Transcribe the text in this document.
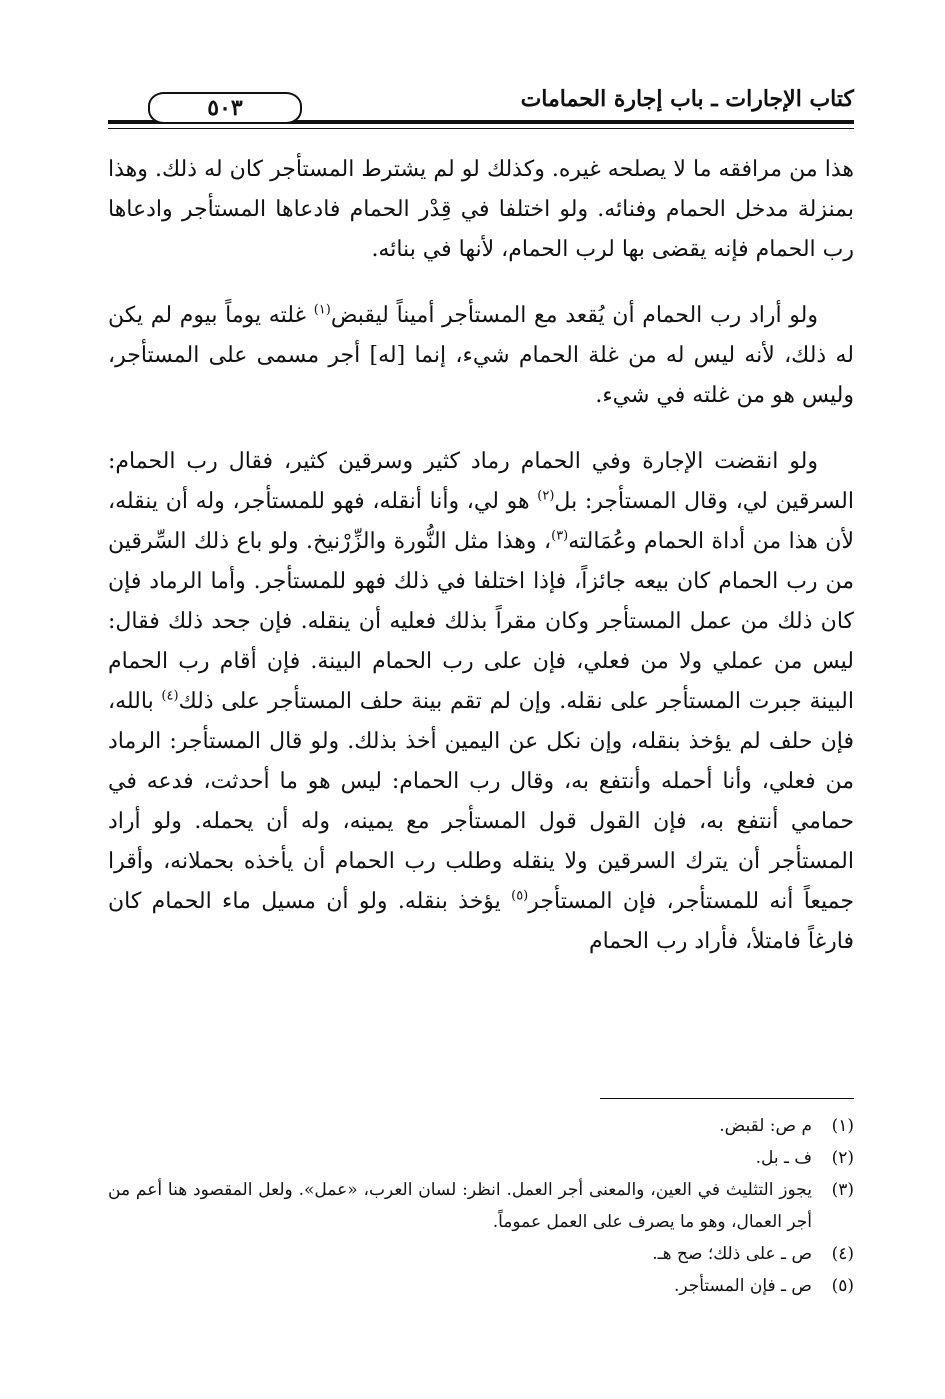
كتاب الإجارات ـ باب إجارة الحمامات
٥٠٣

هذا من مرافقه ما لا يصلحه غيره. وكذلك لو لم يشترط المستأجر كان له ذلك. وهذا بمنزلة مدخل الحمام وفنائه. ولو اختلفا في قِدْر الحمام فادعاها المستأجر وادعاها رب الحمام فإنه يقضى بها لرب الحمام، لأنها في بنائه.

ولو أراد رب الحمام أن يُقعد مع المستأجر أميناً ليقبض$^{(١)}$ غلته يوماً بيوم لم يكن له ذلك، لأنه ليس له من غلة الحمام شيء، إنما [له] أجر مسمى على المستأجر، وليس هو من غلته في شيء.

ولو انقضت الإجارة وفي الحمام رماد كثير وسرقين كثير، فقال رب الحمام: السرقين لي، وقال المستأجر: بل$^{(٢)}$ هو لي، وأنا أنقله، فهو للمستأجر، وله أن ينقله، لأن هذا من أداة الحمام وعُمَالته$^{(٣)}$، وهذا مثل النُّورة والزِّرْنيخ. ولو باع ذلك السِّرقين من رب الحمام كان بيعه جائزاً، فإذا اختلفا في ذلك فهو للمستأجر. وأما الرماد فإن كان ذلك من عمل المستأجر وكان مقراً بذلك فعليه أن ينقله. فإن جحد ذلك فقال: ليس من عملي ولا من فعلي، فإن على رب الحمام البينة. فإن أقام رب الحمام البينة جبرت المستأجر على نقله. وإن لم تقم بينة حلف المستأجر على ذلك$^{(٤)}$ بالله، فإن حلف لم يؤخذ بنقله، وإن نكل عن اليمين أخذ بذلك. ولو قال المستأجر: الرماد من فعلي، وأنا أحمله وأنتفع به، وقال رب الحمام: ليس هو ما أحدثت، فدعه في حمامي أنتفع به، فإن القول قول المستأجر مع يمينه، وله أن يحمله. ولو أراد المستأجر أن يترك السرقين ولا ينقله وطلب رب الحمام أن يأخذه بحملانه، وأقرا جميعاً أنه للمستأجر، فإن المستأجر$^{(٥)}$ يؤخذ بنقله. ولو أن مسيل ماء الحمام كان فارغاً فامتلأ، فأراد رب الحمام

(١)
م ص: لقبض.
(٢)
ف ـ بل.
(٣)
يجوز التثليث في العين، والمعنى أجر العمل. انظر: لسان العرب، «عمل». ولعل المقصود هنا أعم من أجر العمال، وهو ما يصرف على العمل عموماً.
(٤)
ص ـ على ذلك؛ صح هـ.
(٥)
ص ـ فإن المستأجر.
